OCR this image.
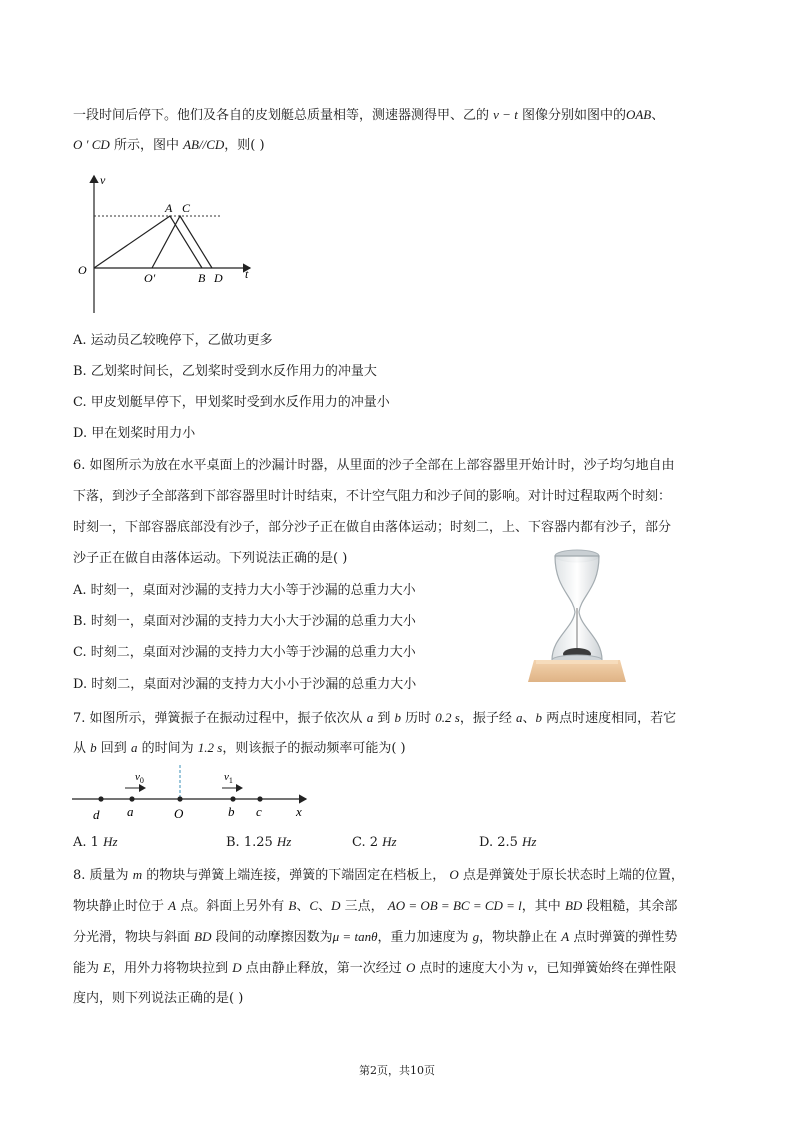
一段时间后停下。他们及各自的皮划艇总质量相等，测速器测得甲、乙的 v − t 图像分别如图中的OAB、
O ′ CD 所示，图中 AB//CD，则( )
v
t
O
A C
O′	B D
A. 运动员乙较晚停下，乙做功更多
B. 乙划桨时间长，乙划桨时受到水反作用力的冲量大
C. 甲皮划艇早停下，甲划桨时受到水反作用力的冲量小
D. 甲在划桨时用力小
6. 如图所示为放在水平桌面上的沙漏计时器，从里面的沙子全部在上部容器里开始计时，沙子均匀地自由
下落，到沙子全部落到下部容器里时计时结束，不计空气阻力和沙子间的影响。对计时过程取两个时刻：
时刻一，下部容器底部没有沙子，部分沙子正在做自由落体运动；时刻二，上、下容器内都有沙子，部分
沙子正在做自由落体运动。下列说法正确的是( )
A. 时刻一，桌面对沙漏的支持力大小等于沙漏的总重力大小
B. 时刻一，桌面对沙漏的支持力大小大于沙漏的总重力大小
C. 时刻二，桌面对沙漏的支持力大小等于沙漏的总重力大小
D. 时刻二，桌面对沙漏的支持力大小小于沙漏的总重力大小
7. 如图所示，弹簧振子在振动过程中，振子依次从 a 到 b 历时 0.2 s，振子经 a、b 两点时速度相同，若它
从 b 回到 a 的时间为 1.2 s，则该振子的振动频率可能为( )
$v_0$	$v_1$
d a	O	b c	x
A. 1 Hz	B. 1.25 Hz	C. 2 Hz	D. 2.5 Hz
8. 质量为 m 的物块与弹簧上端连接，弹簧的下端固定在档板上， O 点是弹簧处于原长状态时上端的位置，
物块静止时位于 A 点。斜面上另外有 B、C、D 三点， AO = OB = BC = CD = l，其中 BD 段粗糙，其余部
分光滑，物块与斜面 BD 段间的动摩擦因数为μ = tanθ，重力加速度为 g，物块静止在 A 点时弹簧的弹性势
能为 E，用外力将物块拉到 D 点由静止释放，第一次经过 O 点时的速度大小为 v，已知弹簧始终在弹性限
度内，则下列说法正确的是( )
第2页，共10页
